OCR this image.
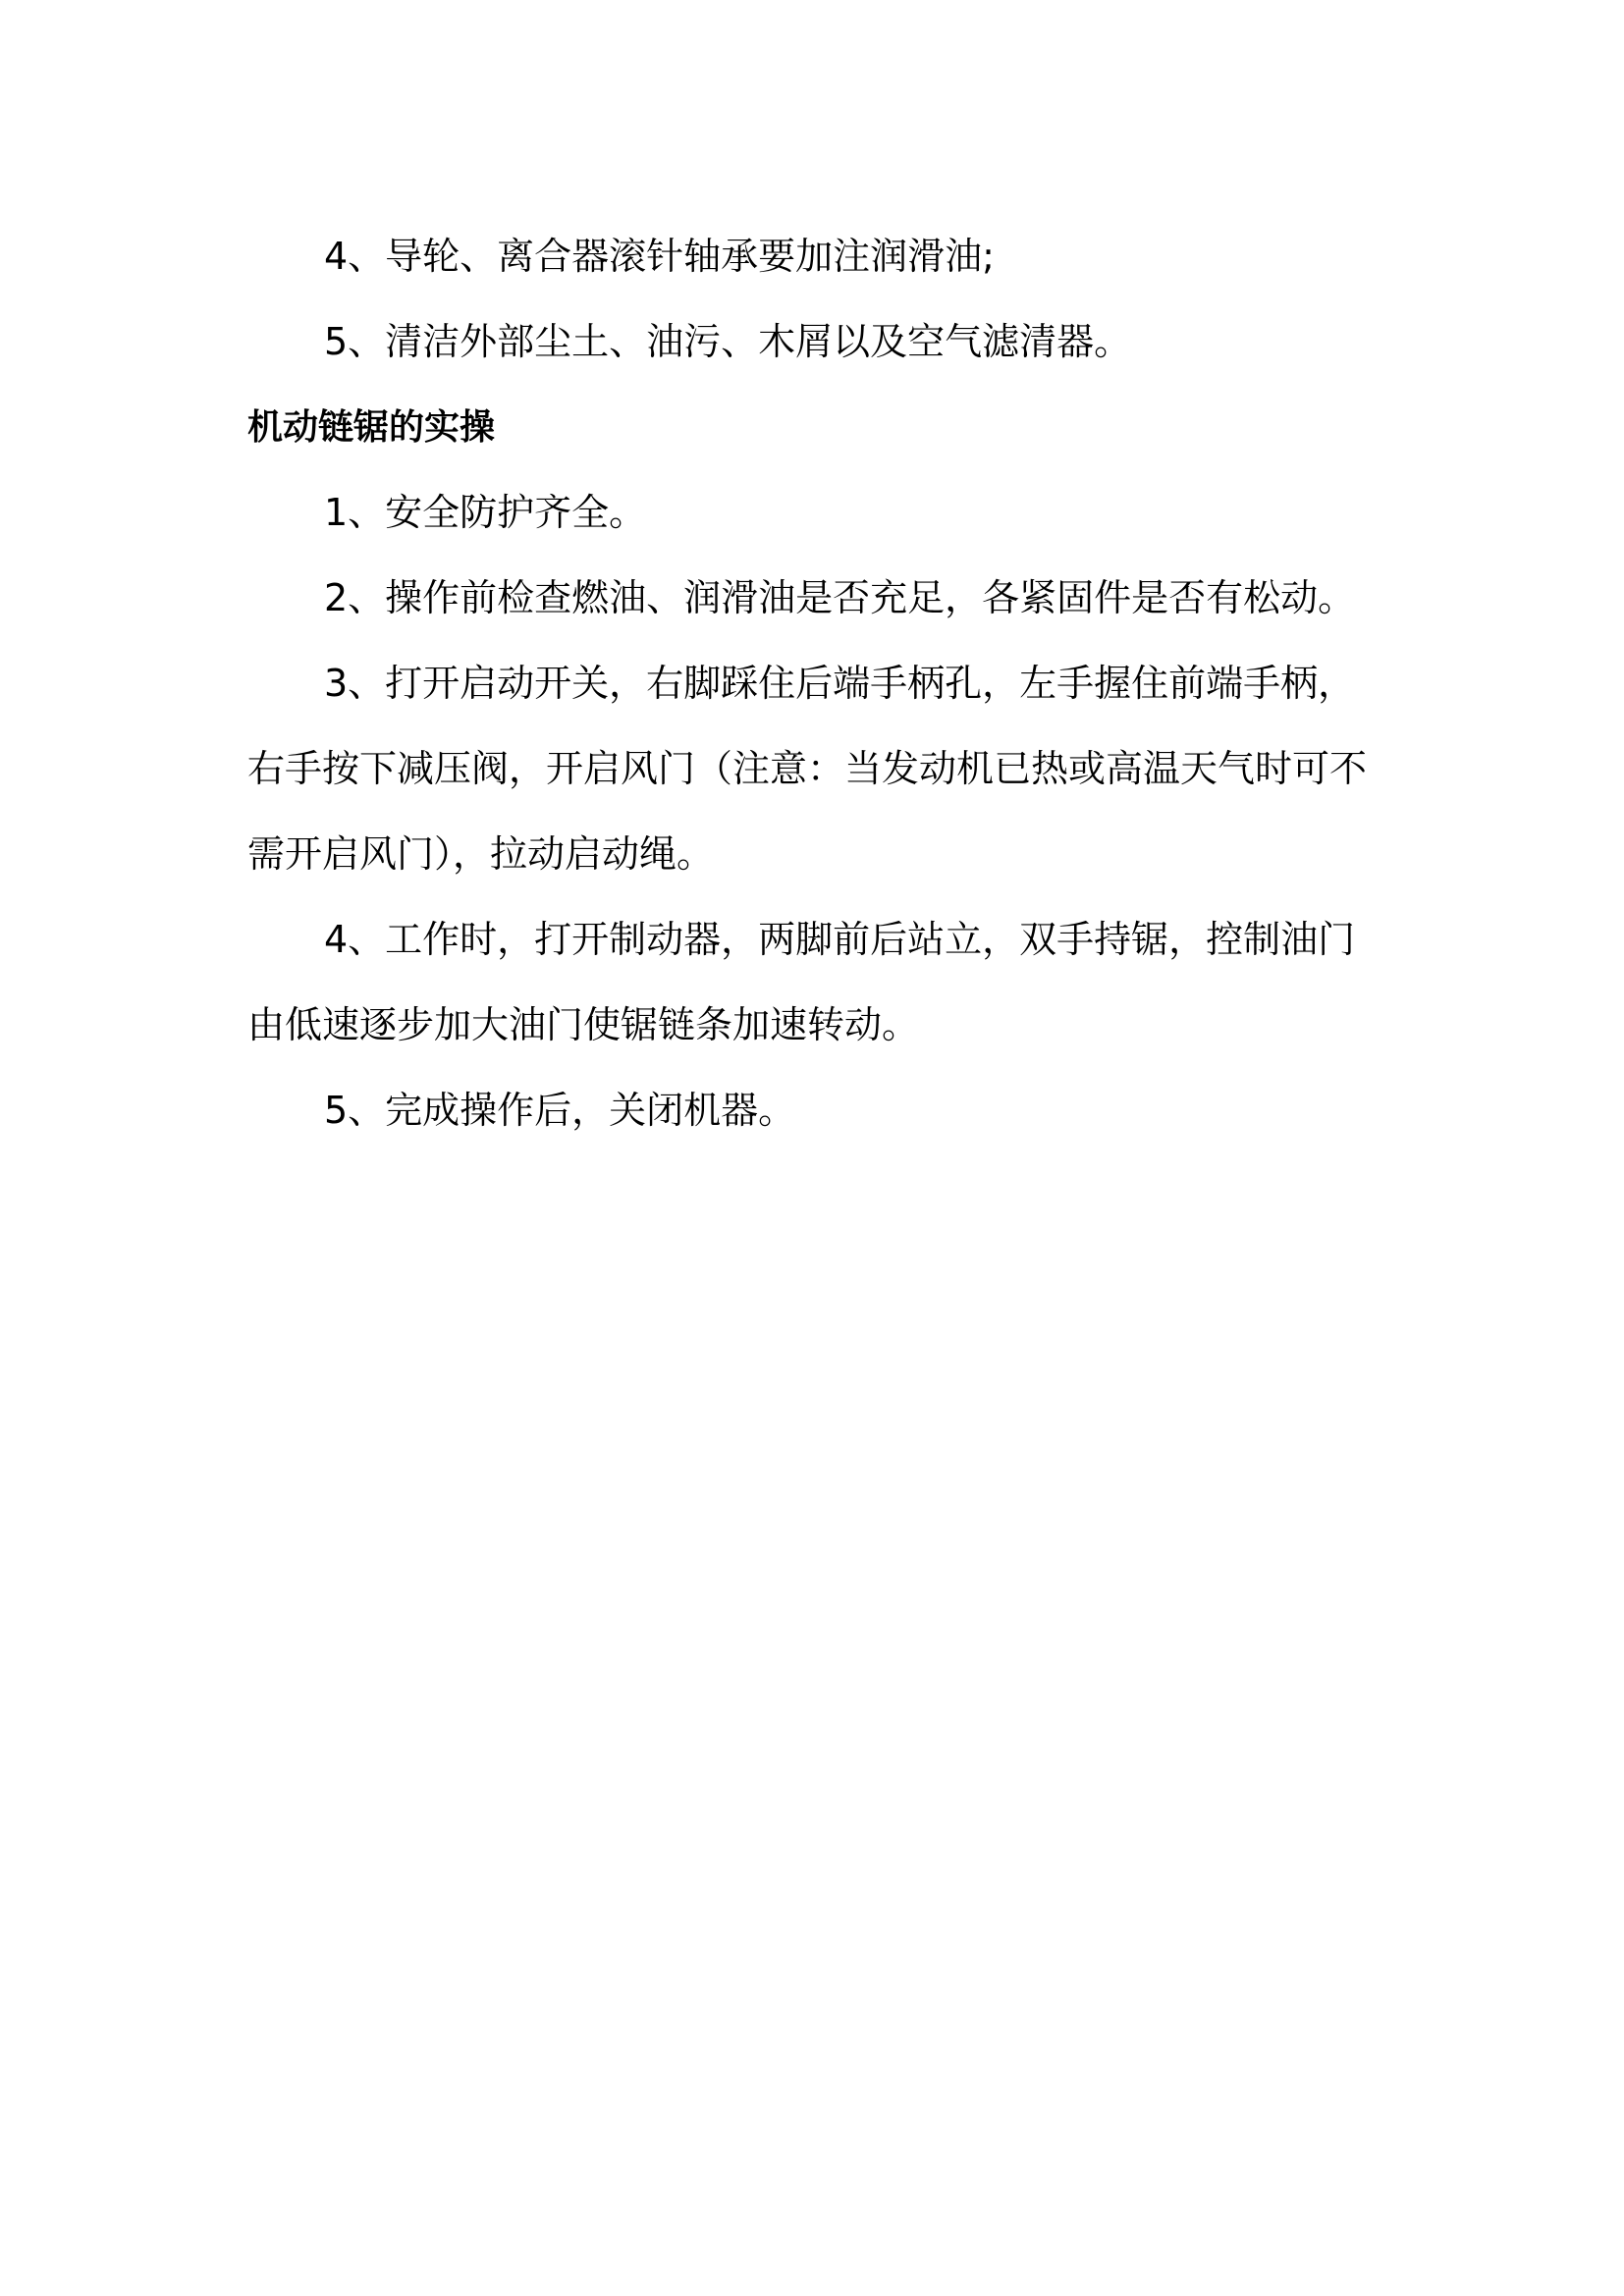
4、导轮、离合器滚针轴承要加注润滑油;

5、清洁外部尘土、油污、木屑以及空气滤清器。

机动链锯的实操

1、安全防护齐全。

2、操作前检查燃油、润滑油是否充足，各紧固件是否有松动。

3、打开启动开关，右脚踩住后端手柄孔，左手握住前端手柄，右手按下减压阀，开启风门（注意：当发动机已热或高温天气时可不需开启风门），拉动启动绳。

4、工作时，打开制动器，两脚前后站立，双手持锯，控制油门由低速逐步加大油门使锯链条加速转动。

5、完成操作后，关闭机器。
